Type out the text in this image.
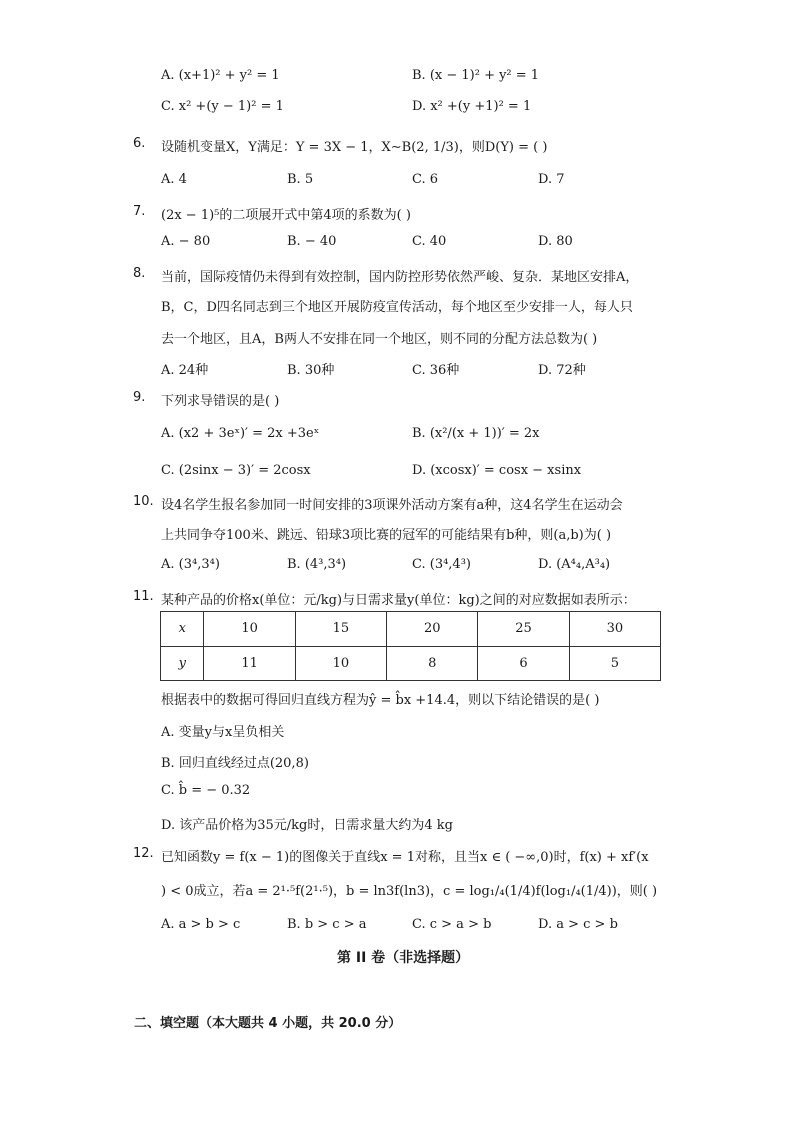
A. (x+1)² + y² = 1	B. (x − 1)² + y² = 1
C. x² +(y − 1)² = 1	D. x² +(y +1)² = 1
6. 设随机变量X，Y满足：Y = 3X − 1，X∼B(2, 1/3)，则D(Y) = ( )
A. 4	B. 5	C. 6	D. 7
7. (2x − 1)⁵的二项展开式中第4项的系数为( )
A. − 80	B. − 40	C. 40	D. 80
8. 当前，国际疫情仍未得到有效控制，国内防控形势依然严峻、复杂．某地区安排A，
B，C，D四名同志到三个地区开展防疫宣传活动，每个地区至少安排一人，每人只
去一个地区，且A，B两人不安排在同一个地区，则不同的分配方法总数为( )
A. 24种	B. 30种	C. 36种	D. 72种
9. 下列求导错误的是( )
A. (x2 + 3eˣ)′ = 2x +3eˣ	B. (x²/(x + 1))′ = 2x
C. (2sinx − 3)′ = 2cosx	D. (xcosx)′ = cosx − xsinx
10. 设4名学生报名参加同一时间安排的3项课外活动方案有a种，这4名学生在运动会
上共同争夺100米、跳远、铅球3项比赛的冠军的可能结果有b种，则(a,b)为( )
A. (3⁴,3⁴)	B. (4³,3⁴)	C. (3⁴,4³)	D. (A⁴₄,A³₄)
11. 某种产品的价格x(单位：元/kg)与日需求量y(单位：kg)之间的对应数据如表所示：
x	10	15	20	25	30
y	11	10	8	6	5
根据表中的数据可得回归直线方程为ŷ = b̂x +14.4，则以下结论错误的是( )
A. 变量y与x呈负相关
B. 回归直线经过点(20,8)
C. b̂ = − 0.32
D. 该产品价格为35元/kg时，日需求量大约为4 kg
12. 已知函数y = f(x − 1)的图像关于直线x = 1对称，且当x ∈ ( −∞,0)时，f(x) + xf′(x
) < 0成立，若a = 2¹·⁵f(2¹·⁵)，b = ln3f(ln3)，c = log₁/₄(1/4)f(log₁/₄(1/4))，则( )
A. a > b > c	B. b > c > a	C. c > a > b	D. a > c > b
第 II 卷（非选择题）
二、填空题（本大题共 4 小题，共 20.0 分）
